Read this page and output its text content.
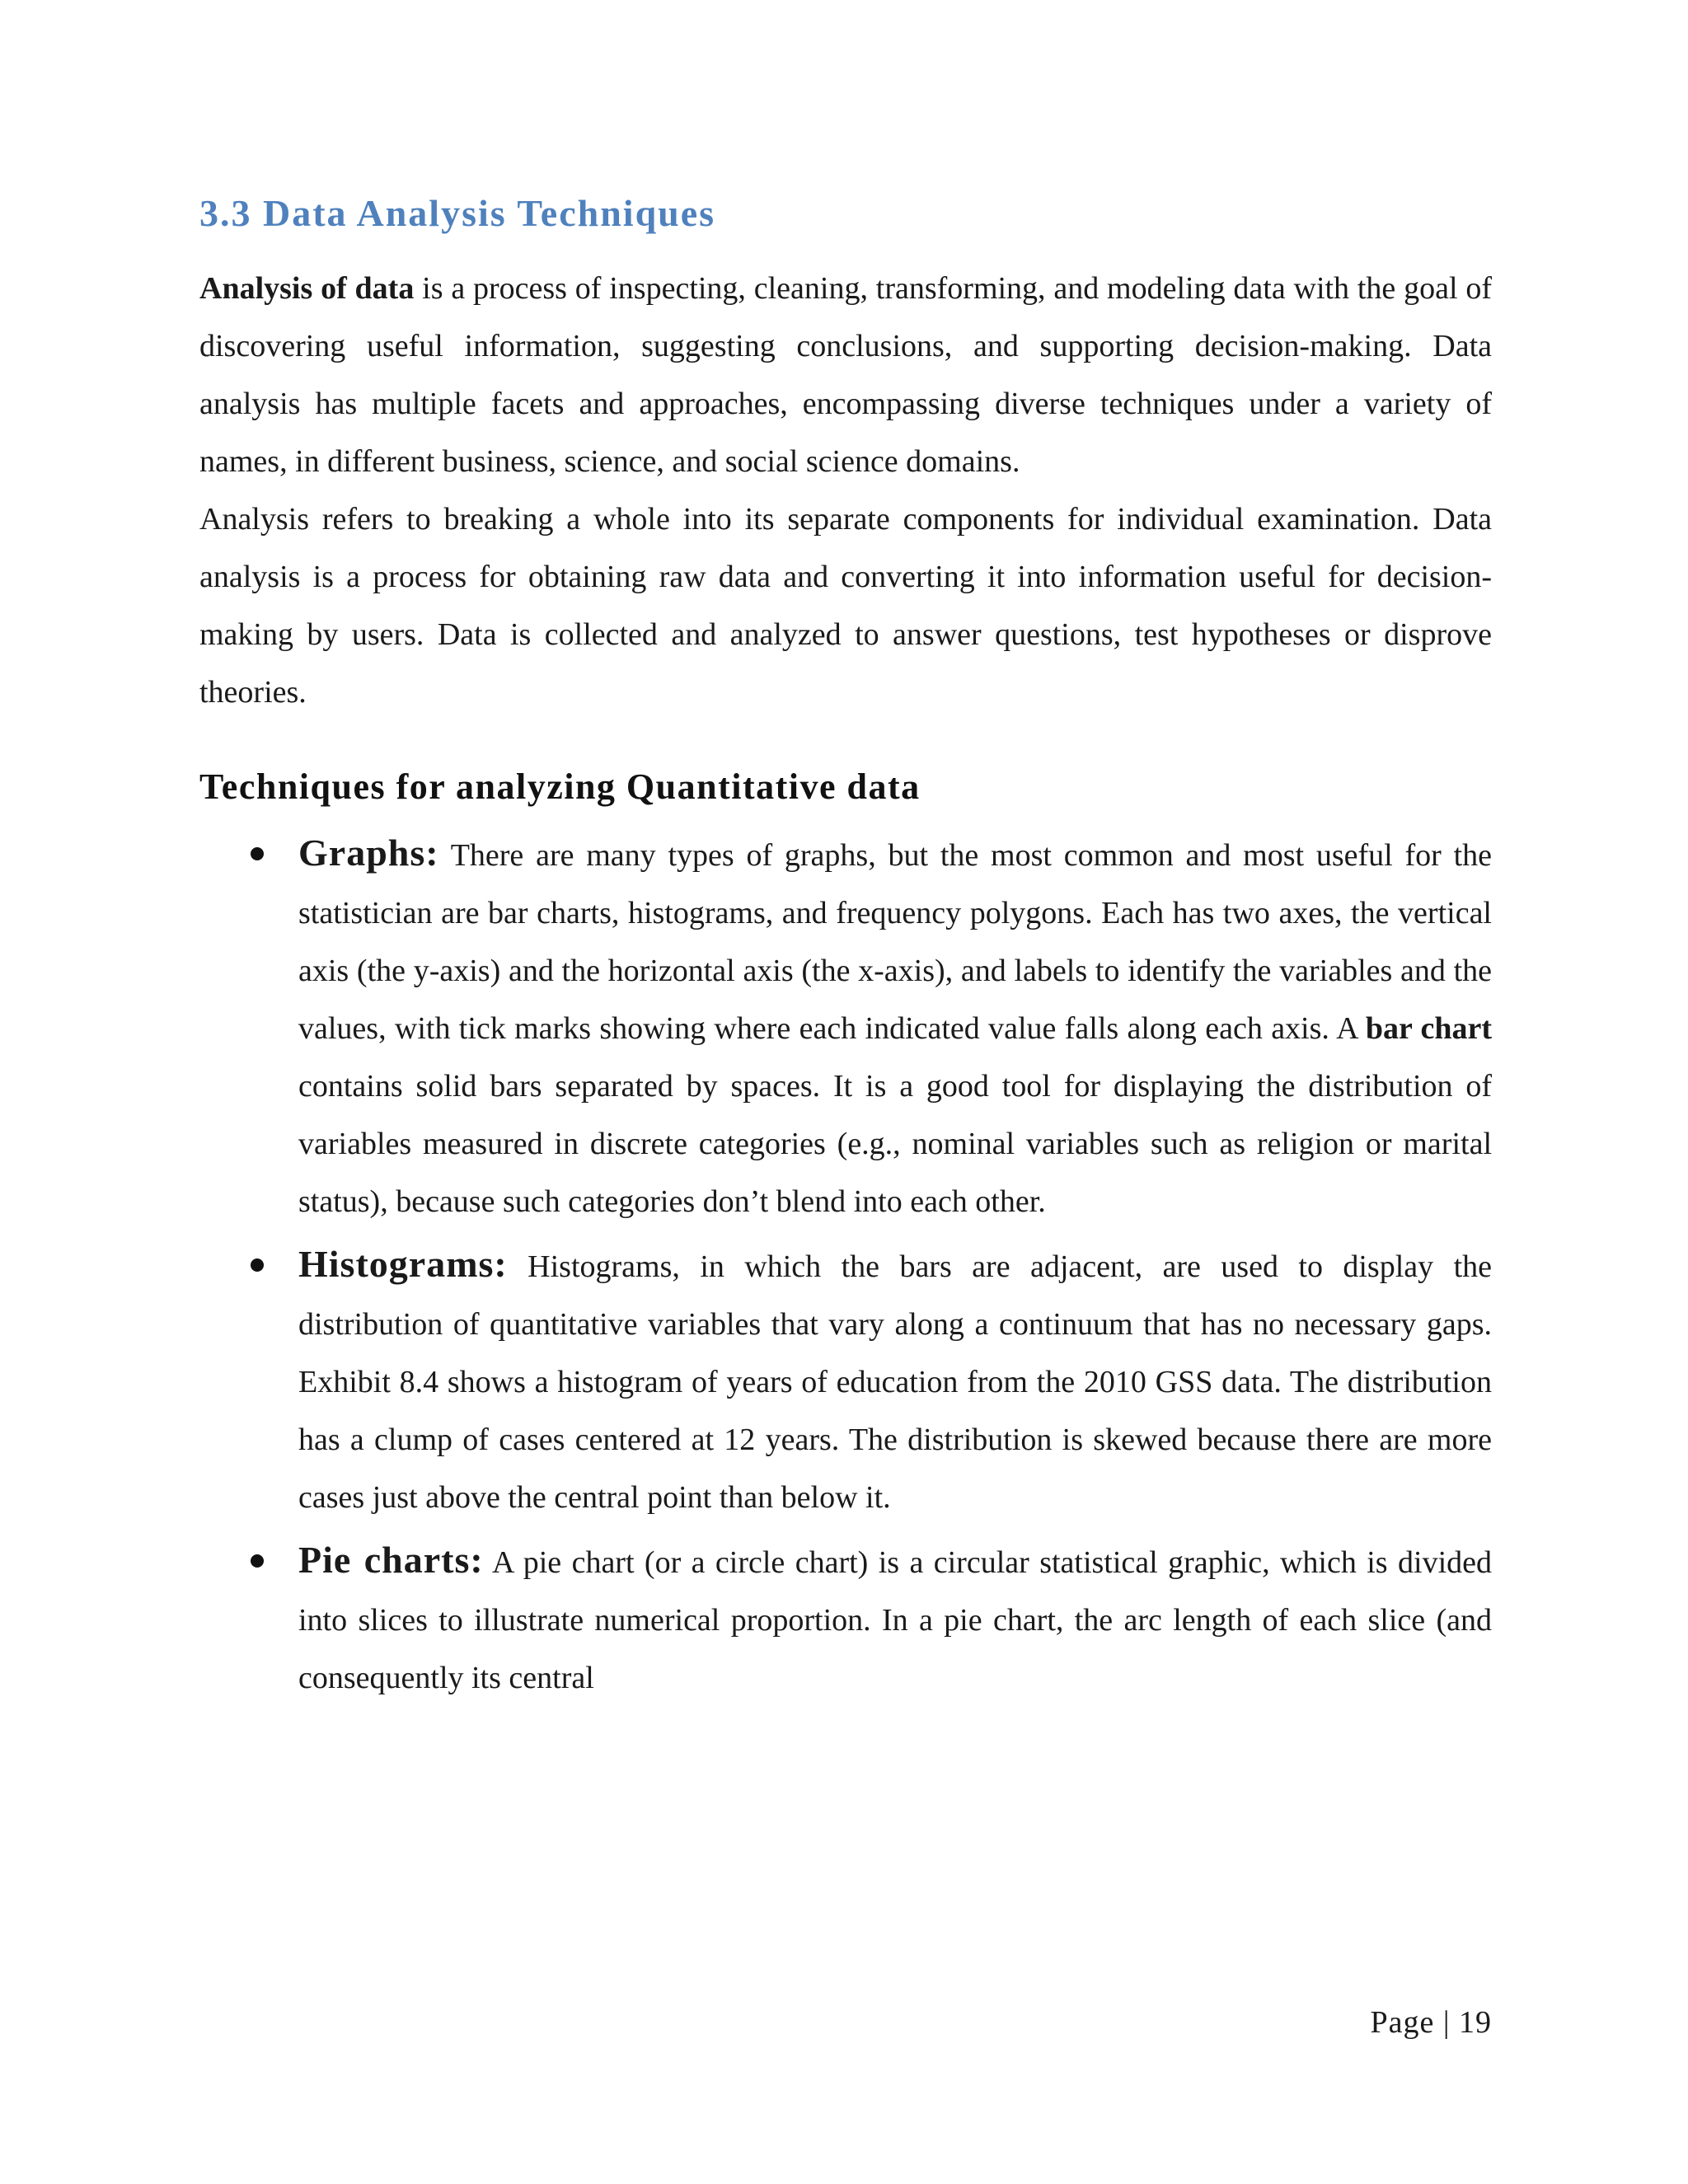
3.3 Data Analysis Techniques

Analysis of data is a process of inspecting, cleaning, transforming, and modeling data with the goal of discovering useful information, suggesting conclusions, and supporting decision-making. Data analysis has multiple facets and approaches, encompassing diverse techniques under a variety of names, in different business, science, and social science domains.

Analysis refers to breaking a whole into its separate components for individual examination. Data analysis is a process for obtaining raw data and converting it into information useful for decision-making by users. Data is collected and analyzed to answer questions, test hypotheses or disprove theories.

Techniques for analyzing Quantitative data
Graphs: There are many types of graphs, but the most common and most useful for the statistician are bar charts, histograms, and frequency polygons. Each has two axes, the vertical axis (the y-axis) and the horizontal axis (the x-axis), and labels to identify the variables and the values, with tick marks showing where each indicated value falls along each axis. A bar chart contains solid bars separated by spaces. It is a good tool for displaying the distribution of variables measured in discrete categories (e.g., nominal variables such as religion or marital status), because such categories don’t blend into each other.
Histograms: Histograms, in which the bars are adjacent, are used to display the distribution of quantitative variables that vary along a continuum that has no necessary gaps. Exhibit 8.4 shows a histogram of years of education from the 2010 GSS data. The distribution has a clump of cases centered at 12 years. The distribution is skewed because there are more cases just above the central point than below it.
Pie charts: A pie chart (or a circle chart) is a circular statistical graphic, which is divided into slices to illustrate numerical proportion. In a pie chart, the arc length of each slice (and consequently its central
Page | 19
